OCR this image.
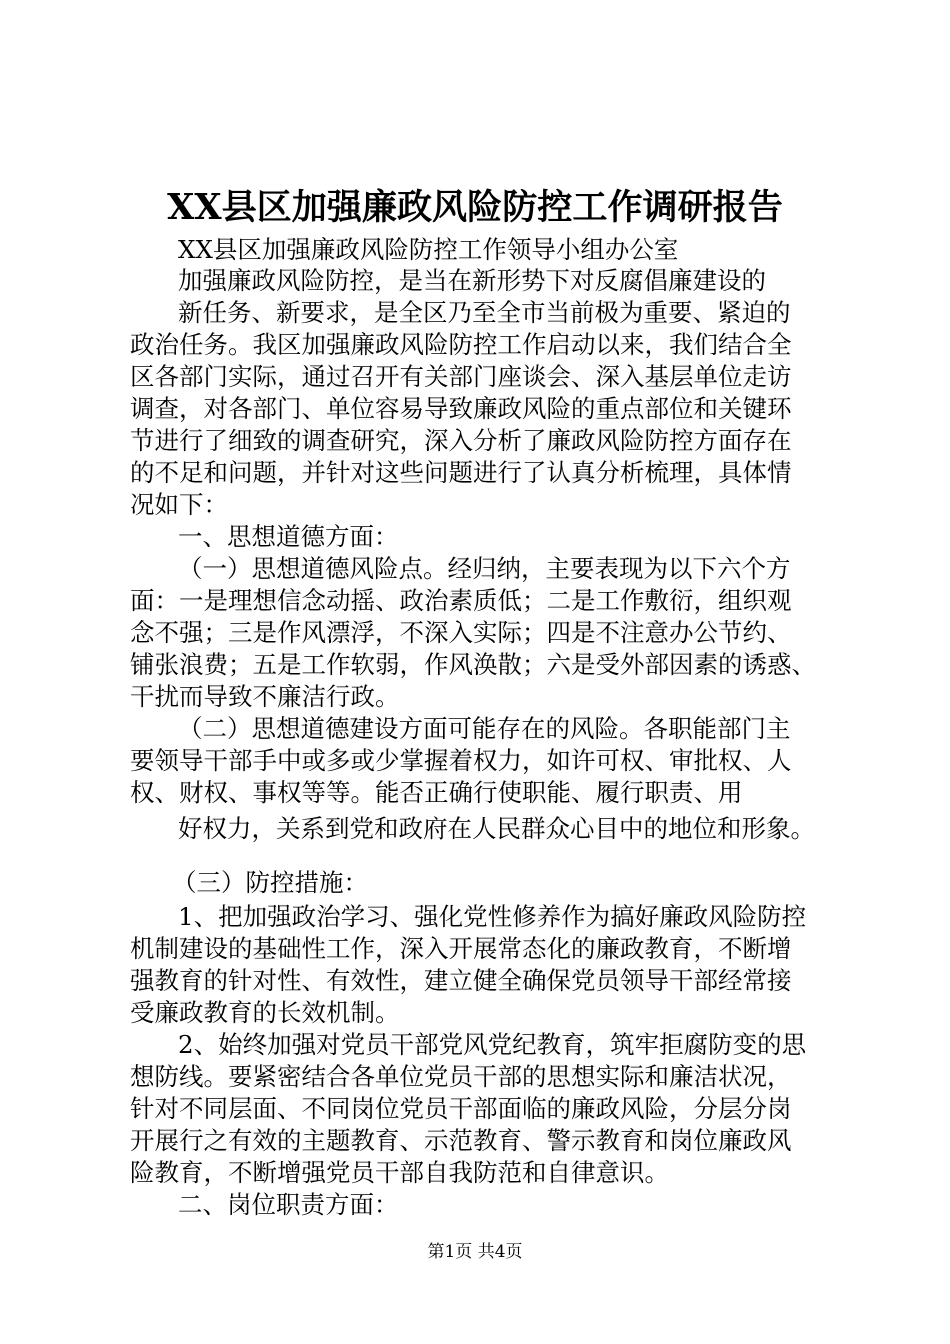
XX县区加强廉政风险防控工作调研报告
XX县区加强廉政风险防控工作领导小组办公室
加强廉政风险防控，是当在新形势下对反腐倡廉建设的
新任务、新要求，是全区乃至全市当前极为重要、紧迫的
政治任务。我区加强廉政风险防控工作启动以来，我们结合全
区各部门实际，通过召开有关部门座谈会、深入基层单位走访
调查，对各部门、单位容易导致廉政风险的重点部位和关键环
节进行了细致的调查研究，深入分析了廉政风险防控方面存在
的不足和问题，并针对这些问题进行了认真分析梳理，具体情
况如下：
一、思想道德方面：
（一）思想道德风险点。经归纳，主要表现为以下六个方
面：一是理想信念动摇、政治素质低；二是工作敷衍，组织观
念不强；三是作风漂浮，不深入实际；四是不注意办公节约、
铺张浪费；五是工作软弱，作风涣散；六是受外部因素的诱惑、
干扰而导致不廉洁行政。
（二）思想道德建设方面可能存在的风险。各职能部门主
要领导干部手中或多或少掌握着权力，如许可权、审批权、人
权、财权、事权等等。能否正确行使职能、履行职责、用
好权力，关系到党和政府在人民群众心目中的地位和形象。
（三）防控措施：
1、把加强政治学习、强化党性修养作为搞好廉政风险防控
机制建设的基础性工作，深入开展常态化的廉政教育，不断增
强教育的针对性、有效性，建立健全确保党员领导干部经常接
受廉政教育的长效机制。
2、始终加强对党员干部党风党纪教育，筑牢拒腐防变的思
想防线。要紧密结合各单位党员干部的思想实际和廉洁状况，
针对不同层面、不同岗位党员干部面临的廉政风险，分层分岗
开展行之有效的主题教育、示范教育、警示教育和岗位廉政风
险教育，不断增强党员干部自我防范和自律意识。
二、岗位职责方面：
第1页 共4页
